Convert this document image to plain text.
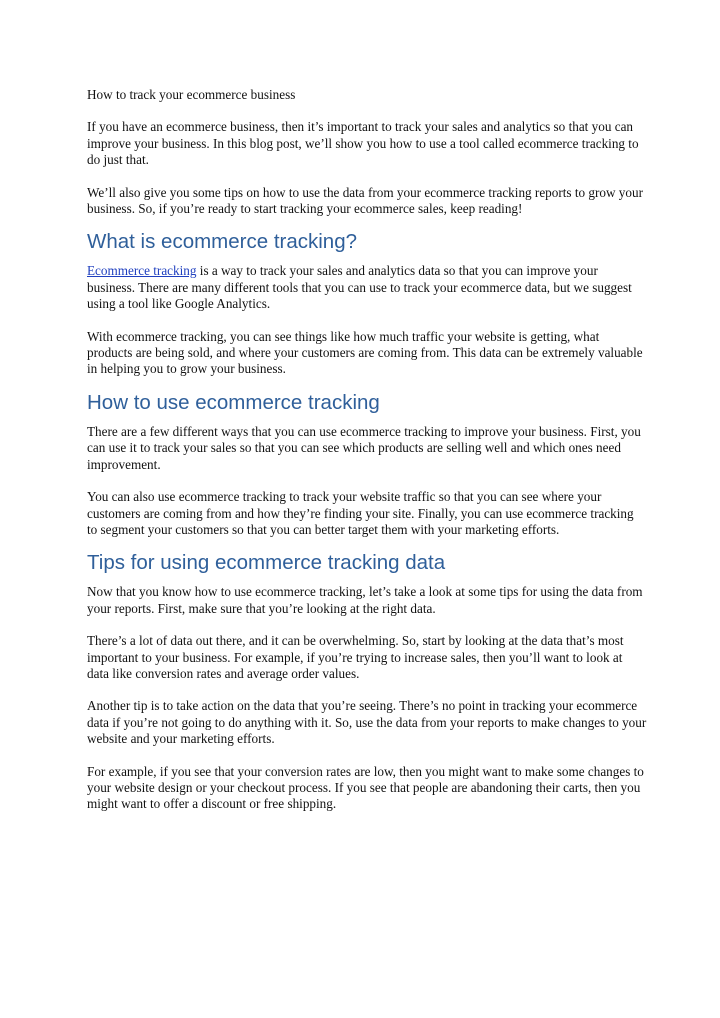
How to track your ecommerce business

If you have an ecommerce business, then it’s important to track your sales and analytics so that you can improve your business. In this blog post, we’ll show you how to use a tool called ecommerce tracking to do just that.

We’ll also give you some tips on how to use the data from your ecommerce tracking reports to grow your business. So, if you’re ready to start tracking your ecommerce sales, keep reading!

What is ecommerce tracking?

Ecommerce tracking is a way to track your sales and analytics data so that you can improve your business. There are many different tools that you can use to track your ecommerce data, but we suggest using a tool like Google Analytics.

With ecommerce tracking, you can see things like how much traffic your website is getting, what products are being sold, and where your customers are coming from. This data can be extremely valuable in helping you to grow your business.

How to use ecommerce tracking

There are a few different ways that you can use ecommerce tracking to improve your business. First, you can use it to track your sales so that you can see which products are selling well and which ones need improvement.

You can also use ecommerce tracking to track your website traffic so that you can see where your customers are coming from and how they’re finding your site. Finally, you can use ecommerce tracking to segment your customers so that you can better target them with your marketing efforts.

Tips for using ecommerce tracking data

Now that you know how to use ecommerce tracking, let’s take a look at some tips for using the data from your reports. First, make sure that you’re looking at the right data.

There’s a lot of data out there, and it can be overwhelming. So, start by looking at the data that’s most important to your business. For example, if you’re trying to increase sales, then you’ll want to look at data like conversion rates and average order values.

Another tip is to take action on the data that you’re seeing. There’s no point in tracking your ecommerce data if you’re not going to do anything with it. So, use the data from your reports to make changes to your website and your marketing efforts.

For example, if you see that your conversion rates are low, then you might want to make some changes to your website design or your checkout process. If you see that people are abandoning their carts, then you might want to offer a discount or free shipping.
